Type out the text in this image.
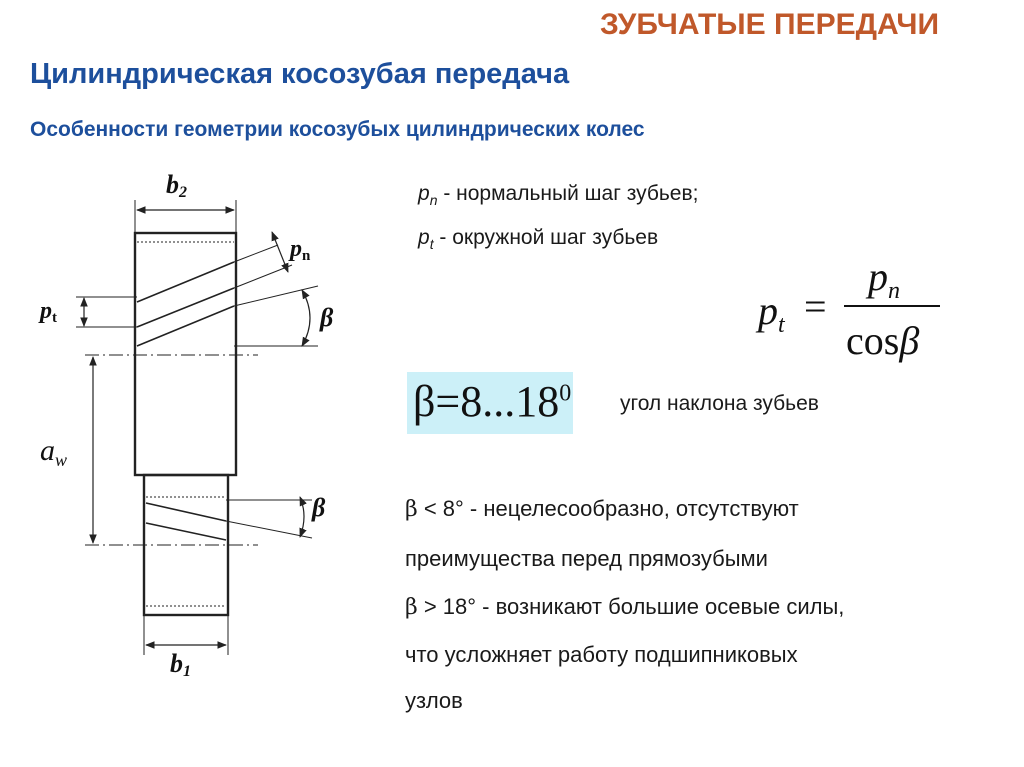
ЗУБЧАТЫЕ ПЕРЕДАЧИ
Цилиндрическая косозубая передача
Особенности геометрии косозубых цилиндрических колес
b2
pn
pt	β
β
b1
$a_w$
$p_n$ - нормальный шаг зубьев;
$p_t$ - окружной шаг зубьев
$p_t$ =
$p_n$
cosβ
$\beta=8...18^0$ угол наклона зубьев
β < 8° - нецелесообразно, отсутствуют
преимущества перед прямозубыми
β > 18° - возникают большие осевые силы,
что усложняет работу подшипниковых
узлов
